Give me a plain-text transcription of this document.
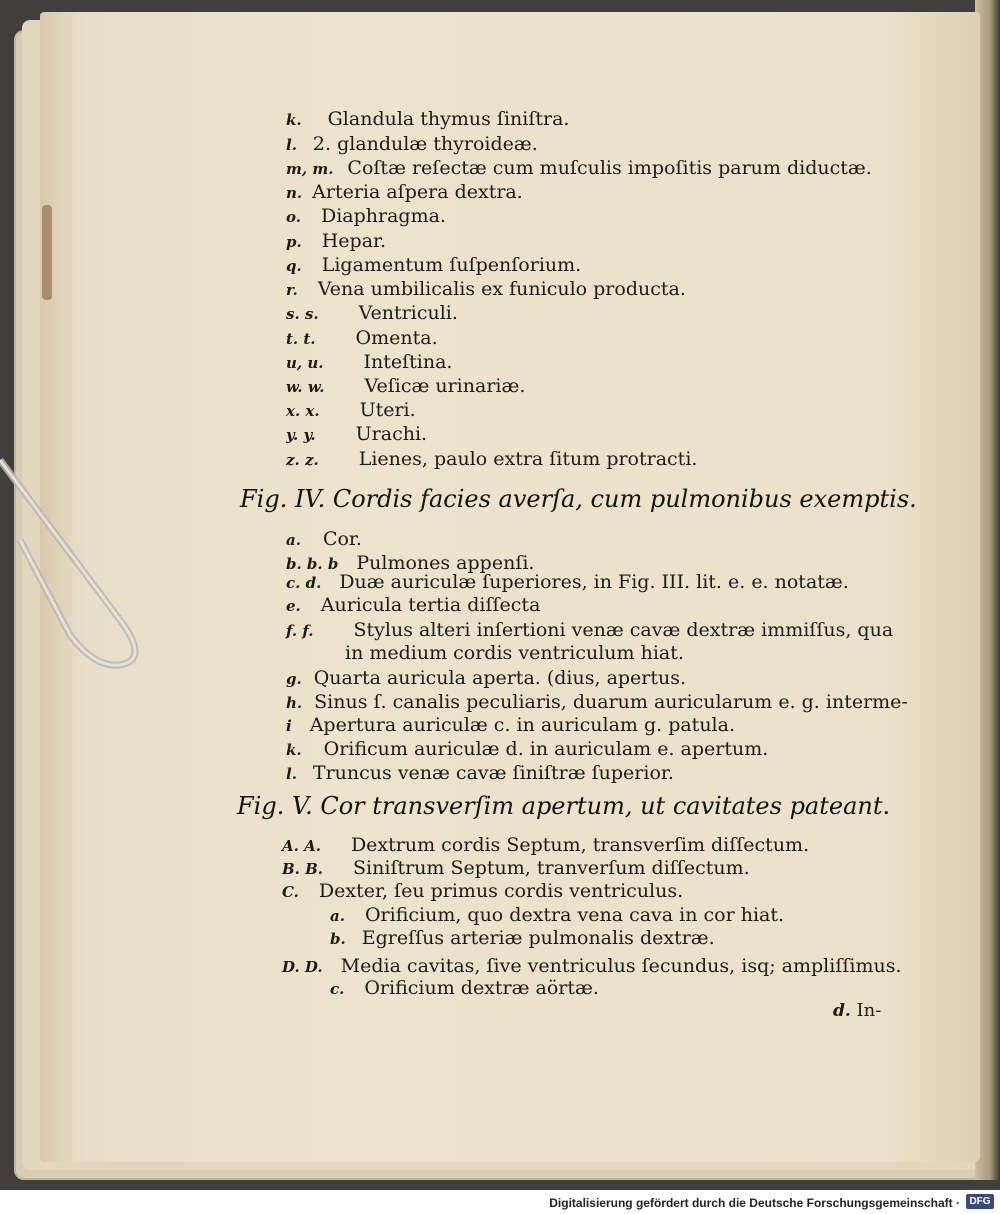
k. Glandula thymus ſiniſtra.
l. 2. glandulæ thyroideæ.
m, m. Coſtæ reſectæ cum muſculis impoſitis parum diductæ.
n. Arteria aſpera dextra.
o. Diaphragma.
p. Hepar.
q. Ligamentum ſuſpenſorium.
r. Vena umbilicalis ex funiculo producta.
s. s. Ventriculi.
t. t. Omenta.
u, u. Inteſtina.
w. w. Veſicæ urinariæ.
x. x. Uteri.
y. y. Urachi.
z. z. Lienes, paulo extra ſitum protracti.
Fig. IV. Cordis facies averſa, cum pulmonibus exemptis.
a. Cor.
b. b. b Pulmones appenſi.
c. d. Duæ auriculæ ſuperiores, in Fig. III. lit. e. e. notatæ.
e. Auricula tertia diſſecta
f. f. Stylus alteri inſertioni venæ cavæ dextræ immiſſus, qua
in medium cordis ventriculum hiat.
g. Quarta auricula aperta. (dius, apertus.
h. Sinus ſ. canalis peculiaris, duarum auricularum e. g. interme-
i Apertura auriculæ c. in auriculam g. patula.
k. Orificum auriculæ d. in auriculam e. apertum.
l. Truncus venæ cavæ ſiniſtræ ſuperior.
Fig. V. Cor transverſim apertum, ut cavitates pateant.
A. A. Dextrum cordis Septum, transverſim diſſectum.
B. B. Siniſtrum Septum, tranverſum diſſectum.
C. Dexter, ſeu primus cordis ventriculus.
a. Orificium, quo dextra vena cava in cor hiat.
b. Egreſſus arteriæ pulmonalis dextræ.
D. D. Media cavitas, ſive ventriculus ſecundus, isq; ampliſſimus.
c. Orificium dextræ aörtæ.
d. In-
Digitalisierung gefördert durch die Deutsche Forschungsgemeinschaft · DFG
